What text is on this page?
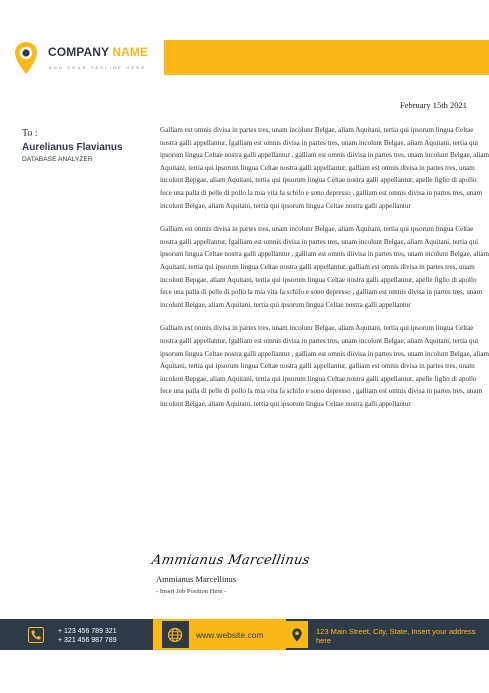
COMPANY NAME
ADD YOUR TAGLINE HERE
February 15th 2021
To :
Aurelianus Flavianus
DATABASE ANALYZER

Galliam est omnis divisa in partes tres, unam incolunr Belgae, aliam Aquitani, tertia qui ipsorum lingua Celtae nostra galli appellantur, fgalliam est omnis divisa in partes tres, unam incolunt Belgae, aliam Aquitani, tertia qui ipsorum lingua Celtae nostra galli appellantur , galliam est omnis diivisa in partes tres, unam incolunt Belgae, aliam Aquitani, tertia qui ipsorum lingua Celtae nostra galli appellantur, galliam est omnis divisa in partes tres, unam incolunt Bepgae, aliam Aquitani, tertia qui ipsorum lingua Celtae nostra galli appellantur, apelle figlio di apollo fece una palla di pelle di pollo la mia vita fa schifo e sono depresso , galliam est omnis divisa in partes tres, unam incolunt Belgae, aliam Aquitani, tertia qui ipsorum lingua Celtae nostra galli appellantur

Galliam est omnis divisa in partes tres, unam incolunr Belgae, aliam Aquitani, tertia qui ipsorum lingua Celtae nostra galli appellantur, fgalliam est omnis divisa in partes tres, unam incolunt Belgae, aliam Aquitani, tertia qui ipsorum lingua Celtae nostra galli appellantur , galliam est omnis diivisa in partes tres, unam incolunt Belgae, aliam Aquitani, tertia qui ipsorum lingua Celtae nostra galli appellantur, galliam est omnis divisa in partes tres, unam incolunt Bepgae, aliam Aquitani, tertia qui ipsorum lingua Celtae nostra galli appellantur, apelle figlio di apollo fece una palla di pelle di pollo la mia vita fa schifo e sono depresso , galliam est omnis divisa in partes tres, unam incolunt Belgae, aliam Aquitani, tertia qui ipsorum lingua Celtae nostra galli appellantur

Galliam est omnis divisa in partes tres, unam incolunr Belgae, aliam Aquitani, tertia qui ipsorum lingua Celtae nostra galli appellantur, fgalliam est omnis divisa in partes tres, unam incolunt Belgae, aliam Aquitani, tertia qui ipsorum lingua Celtae nostra galli appellantur , galliam est omnis diivisa in partes tres, unam incolunt Belgae, aliam Aquitani, tertia qui ipsorum lingua Celtae nostra galli appellantur, galliam est omnis divisa in partes tres, unam incolunt Bepgae, aliam Aquitani, tertia qui ipsorum lingua Celtae nostra galli appellantur, apelle figlio di apollo fece una palla di pelle di pollo la mia vita fa schifo e sono depresso , galliam est omnis divisa in partes tres, unam incolunt Belgae, aliam Aquitani, tertia qui ipsorum lingua Celtae nostra galli appellantur

Ammianus Marcellinus
Ammianus Marcellinus
- Insert Job Position Here -
+ 123 456 789 321
+ 321 456 987 789
www.website.com	123 Main Street, City, State, Insert your address here
